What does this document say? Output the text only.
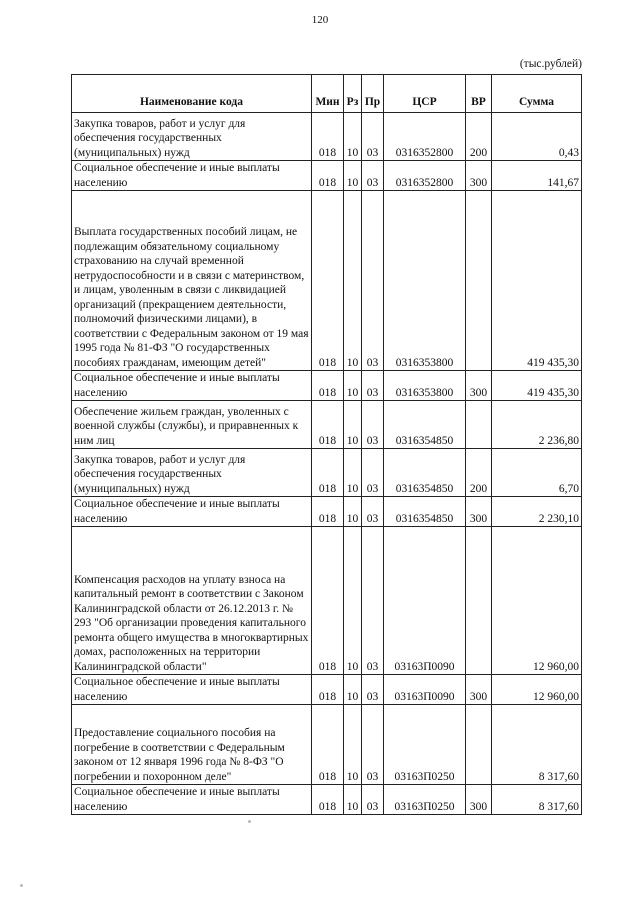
120
(тыс.рублей)
Наименование кода	Мин	Рз	Пр	ЦСР	ВР	Сумма
Закупка товаров, работ и услуг для обеспечения государственных (муниципальных) нужд	018	10	03	0316352800	200	0,43
Социальное обеспечение и иные выплаты населению	018	10	03	0316352800	300	141,67
Выплата государственных пособий лицам, не подлежащим обязательному социальному страхованию на случай временной нетрудоспособности и в связи с материнством, и лицам, уволенным в связи с ликвидацией организаций (прекращением деятельности, полномочий физическими лицами), в соответствии с Федеральным законом от 19 мая 1995 года № 81-ФЗ "О государственных пособиях гражданам, имеющим детей"	018	10	03	0316353800		419 435,30
Социальное обеспечение и иные выплаты населению	018	10	03	0316353800	300	419 435,30
Обеспечение жильем граждан, уволенных с военной службы (службы), и приравненных к ним лиц	018	10	03	0316354850		2 236,80
Закупка товаров, работ и услуг для обеспечения государственных (муниципальных) нужд	018	10	03	0316354850	200	6,70
Социальное обеспечение и иные выплаты населению	018	10	03	0316354850	300	2 230,10
Компенсация расходов на уплату взноса на капитальный ремонт в соответствии с Законом Калининградской области от 26.12.2013 г. № 293 "Об организации проведения капитального ремонта общего имущества в многоквартирных домах, расположенных на территории Калининградской области"	018	10	03	03163П0090		12 960,00
Социальное обеспечение и иные выплаты населению	018	10	03	03163П0090	300	12 960,00
Предоставление социального пособия на погребение в соответствии с Федеральным законом от 12 января 1996 года № 8-ФЗ "О погребении и похоронном деле"	018	10	03	03163П0250		8 317,60
Социальное обеспечение и иные выплаты населению	018	10	03	03163П0250	300	8 317,60
